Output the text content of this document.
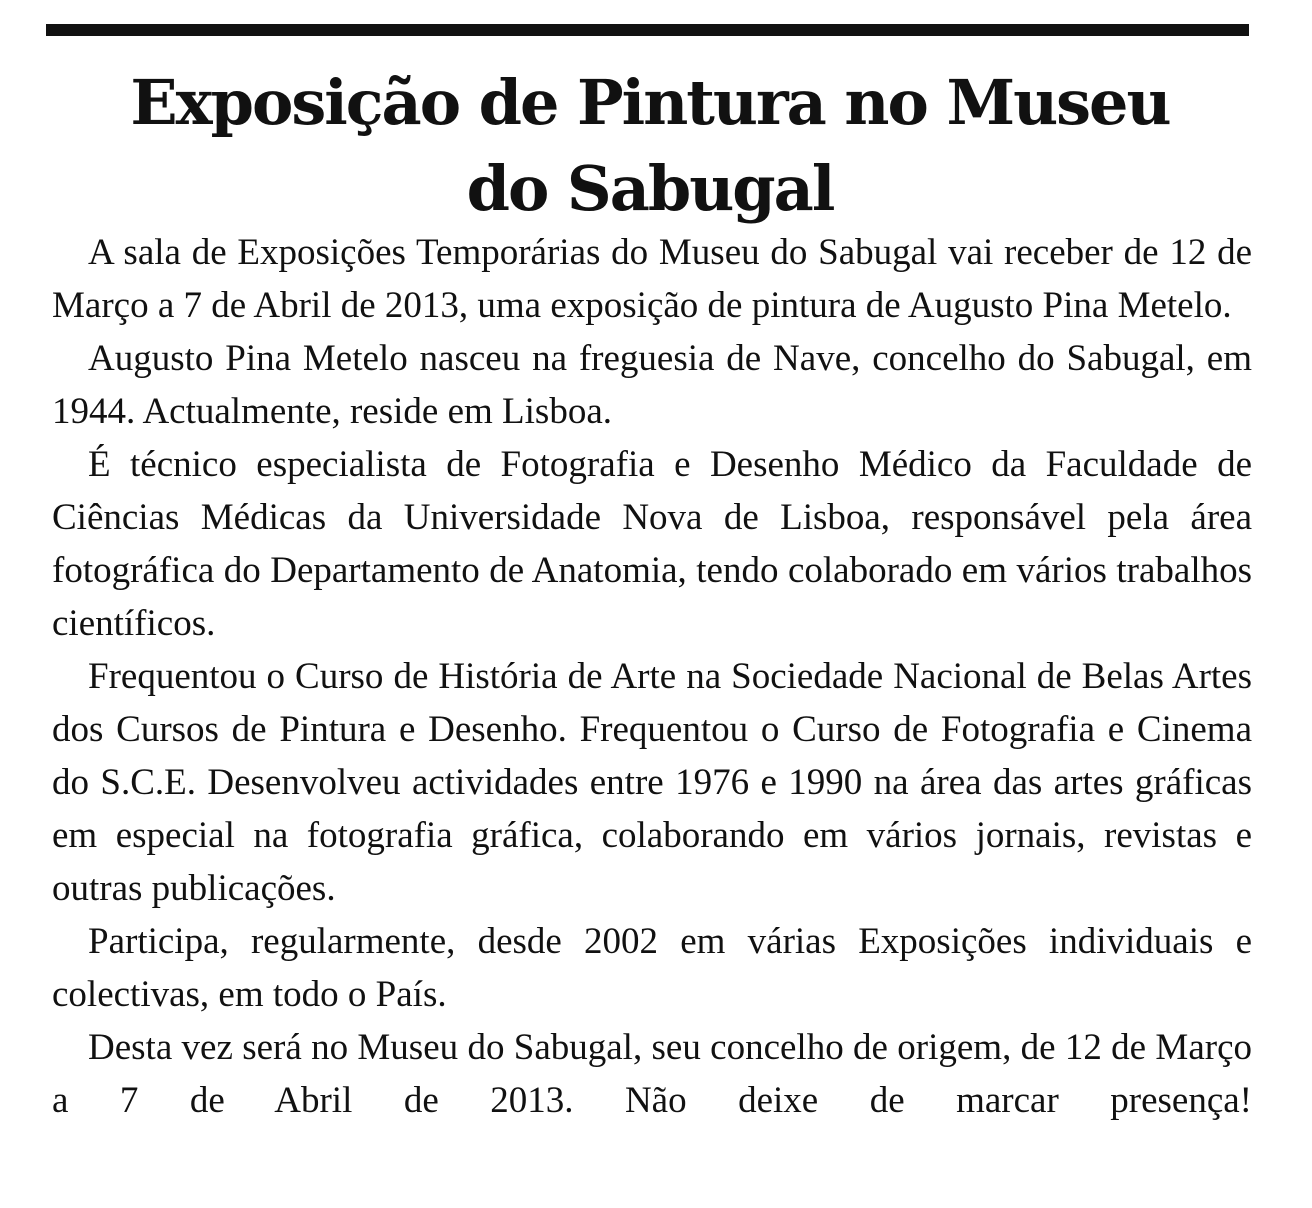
Exposição de Pintura no Museu
do Sabugal

A sala de Exposições Temporárias do Museu do Sabugal vai receber de 12 de Março a 7 de Abril de 2013, uma exposição de pintura de Augusto Pina Metelo.

Augusto Pina Metelo nasceu na freguesia de Nave, concelho do Sabugal, em 1944. Actualmente, reside em Lisboa.

É técnico especialista de Fotografia e Desenho Médico da Faculdade de Ciências Médicas da Universidade Nova de Lisboa, responsável pela área fotográfica do Departamento de Anatomia, tendo colaborado em vários trabalhos científicos.

Frequentou o Curso de História de Arte na Sociedade Nacional de Belas Artes dos Cursos de Pintura e Desenho. Frequentou o Curso de Fotografia e Cinema do S.C.E. Desenvolveu actividades entre 1976 e 1990 na área das artes gráficas em especial na fotografia gráfica, colaborando em vários jornais, revistas e outras publicações.

Participa, regularmente, desde 2002 em várias Exposições individuais e colectivas, em todo o País.

Desta vez será no Museu do Sabugal, seu concelho de origem, de 12 de Março a 7 de Abril de 2013. Não deixe de marcar presença!
